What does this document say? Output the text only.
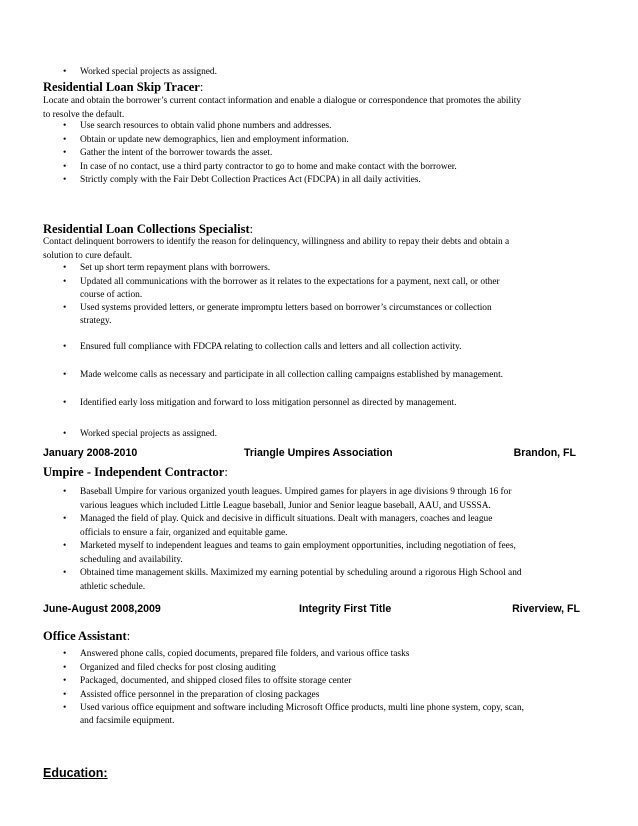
• Worked special projects as assigned.
Residential Loan Skip Tracer:
Locate and obtain the borrower’s current contact information and enable a dialogue or correspondence that promotes the ability
to resolve the default.
• Use search resources to obtain valid phone numbers and addresses.
• Obtain or update new demographics, lien and employment information.
• Gather the intent of the borrower towards the asset.
• In case of no contact, use a third party contractor to go to home and make contact with the borrower.
• Strictly comply with the Fair Debt Collection Practices Act (FDCPA) in all daily activities.
Residential Loan Collections Specialist:
Contact delinquent borrowers to identify the reason for delinquency, willingness and ability to repay their debts and obtain a
solution to cure default.
• Set up short term repayment plans with borrowers.
• Updated all communications with the borrower as it relates to the expectations for a payment, next call, or other
course of action.
• Used systems provided letters, or generate impromptu letters based on borrower’s circumstances or collection
strategy.
• Ensured full compliance with FDCPA relating to collection calls and letters and all collection activity.
• Made welcome calls as necessary and participate in all collection calling campaigns established by management.
• Identified early loss mitigation and forward to loss mitigation personnel as directed by management.
• Worked special projects as assigned.
January 2008-2010	Triangle Umpires Association	Brandon, FL
Umpire - Independent Contractor:
• Baseball Umpire for various organized youth leagues. Umpired games for players in age divisions 9 through 16 for
various leagues which included Little League baseball, Junior and Senior league baseball, AAU, and USSSA.
• Managed the field of play. Quick and decisive in difficult situations. Dealt with managers, coaches and league
officials to ensure a fair, organized and equitable game.
• Marketed myself to independent leagues and teams to gain employment opportunities, including negotiation of fees,
scheduling and availability.
• Obtained time management skills. Maximized my earning potential by scheduling around a rigorous High School and
athletic schedule.
June-August 2008,2009	Integrity First Title	Riverview, FL
Office Assistant:
• Answered phone calls, copied documents, prepared file folders, and various office tasks
• Organized and filed checks for post closing auditing
• Packaged, documented, and shipped closed files to offsite storage center
• Assisted office personnel in the preparation of closing packages
• Used various office equipment and software including Microsoft Office products, multi line phone system, copy, scan,
and facsimile equipment.
Education:
